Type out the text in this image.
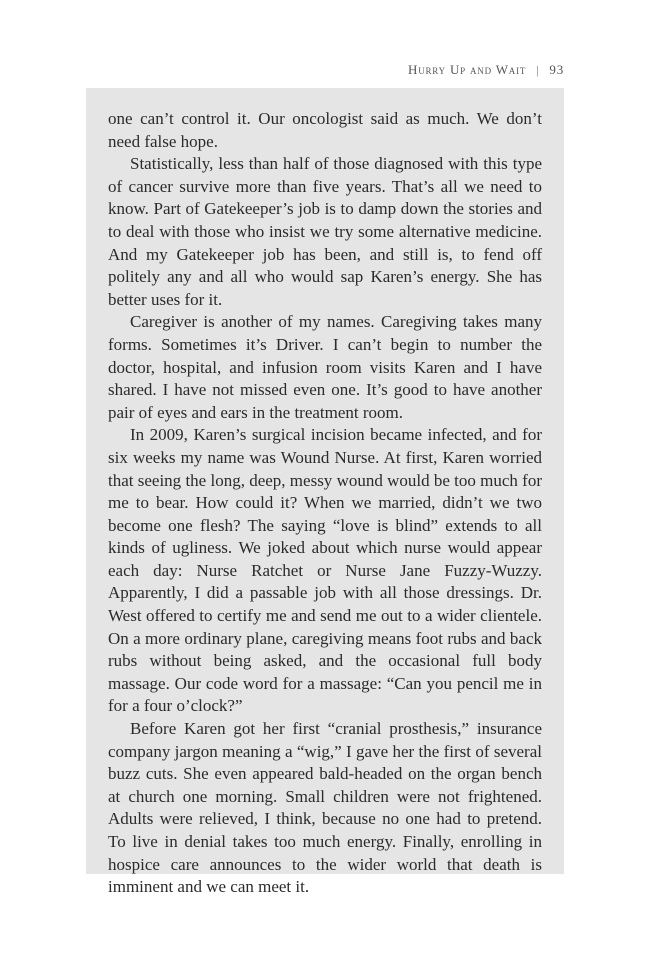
Hurry Up and Wait | 93

one can’t control it. Our oncologist said as much. We don’t need false hope.

Statistically, less than half of those diagnosed with this type of cancer survive more than five years. That’s all we need to know. Part of Gatekeeper’s job is to damp down the stories and to deal with those who insist we try some alternative medicine. And my Gatekeeper job has been, and still is, to fend off politely any and all who would sap Karen’s energy. She has better uses for it.

Caregiver is another of my names. Caregiving takes many forms. Sometimes it’s Driver. I can’t begin to number the doctor, hospital, and infusion room visits Karen and I have shared. I have not missed even one. It’s good to have another pair of eyes and ears in the treatment room.

In 2009, Karen’s surgical incision became infected, and for six weeks my name was Wound Nurse. At first, Karen worried that seeing the long, deep, messy wound would be too much for me to bear. How could it? When we married, didn’t we two become one flesh? The saying “love is blind” extends to all kinds of ugliness. We joked about which nurse would appear each day: Nurse Ratchet or Nurse Jane Fuzzy-Wuzzy. Apparently, I did a passable job with all those dressings. Dr. West offered to certify me and send me out to a wider clientele. On a more ordinary plane, caregiving means foot rubs and back rubs without being asked, and the occasional full body massage. Our code word for a massage: “Can you pencil me in for a four o’clock?”

Before Karen got her first “cranial prosthesis,” insurance company jargon meaning a “wig,” I gave her the first of several buzz cuts. She even appeared bald-headed on the organ bench at church one morning. Small children were not frightened. Adults were relieved, I think, because no one had to pretend. To live in denial takes too much energy. Finally, enrolling in hospice care announces to the wider world that death is imminent and we can meet it.
